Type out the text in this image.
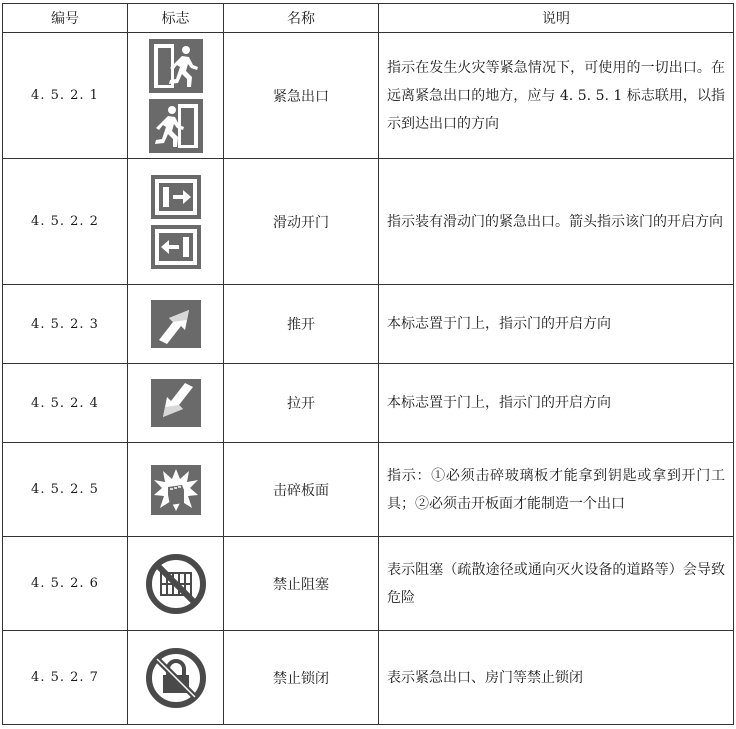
编号	标志	名称	说明
4. 5. 2. 1		紧急出口	指示在发生火灾等紧急情况下，可使用的一切出口。在远离紧急出口的地方，应与 4. 5. 5. 1 标志联用，以指示到达出口的方向
4. 5. 2. 2		滑动开门	指示装有滑动门的紧急出口。箭头指示该门的开启方向
4. 5. 2. 3		推开	本标志置于门上，指示门的开启方向
4. 5. 2. 4		拉开	本标志置于门上，指示门的开启方向
4. 5. 2. 5		击碎板面	指示：①必须击碎玻璃板才能拿到钥匙或拿到开门工具；②必须击开板面才能制造一个出口
4. 5. 2. 6		禁止阻塞	表示阻塞（疏散途径或通向灭火设备的道路等）会导致危险
4. 5. 2. 7		禁止锁闭	表示紧急出口、房门等禁止锁闭
